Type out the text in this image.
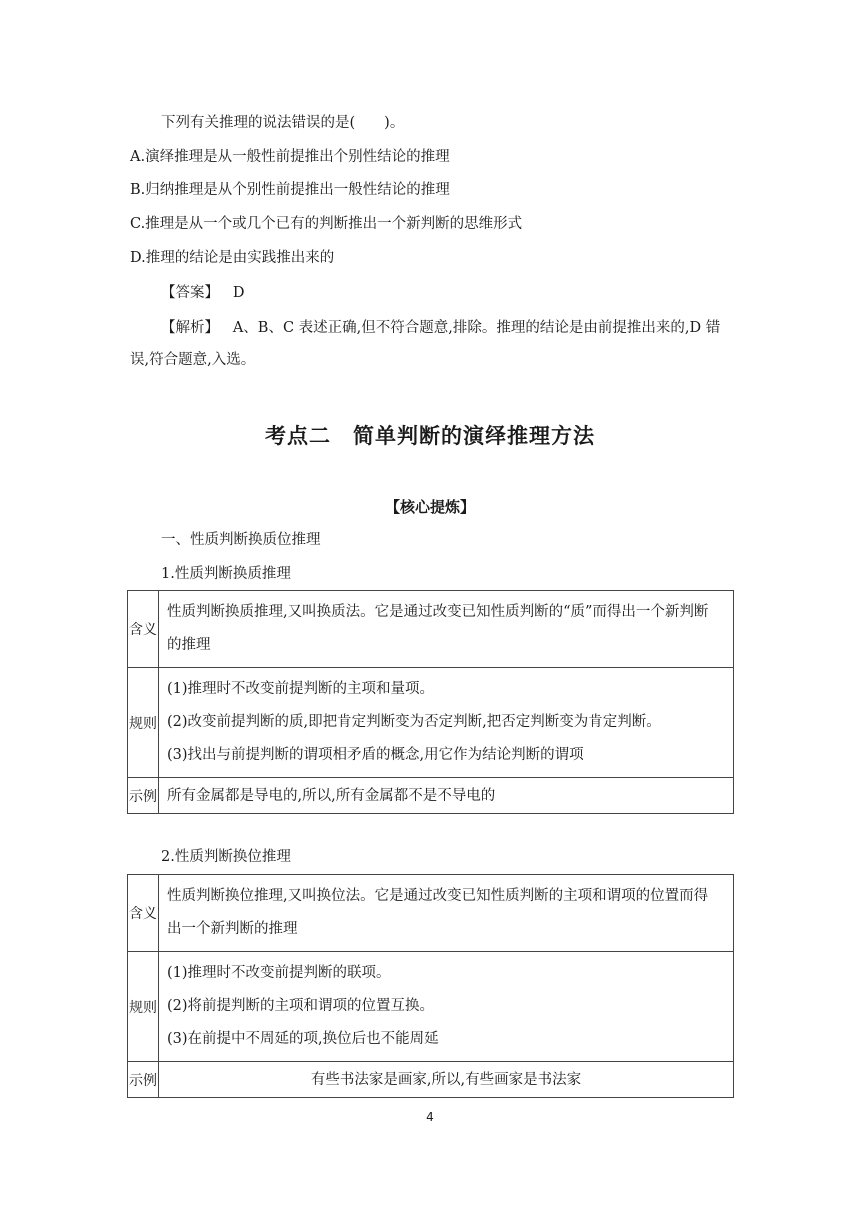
下列有关推理的说法错误的是(　　)。
A.演绎推理是从一般性前提推出个别性结论的推理
B.归纳推理是从个别性前提推出一般性结论的推理
C.推理是从一个或几个已有的判断推出一个新判断的思维形式
D.推理的结论是由实践推出来的
【答案】 D
【解析】 A、B、C 表述正确,但不符合题意,排除。推理的结论是由前提推出来的,D 错
误,符合题意,入选。
考点二 简单判断的演绎推理方法
【核心提炼】
一、性质判断换质位推理
1.性质判断换质推理
含义	性质判断换质推理,又叫换质法。它是通过改变已知性质判断的“质”而得出一个新判断
的推理

规则	(1)推理时不改变前提判断的主项和量项。
(2)改变前提判断的质,即把肯定判断变为否定判断,把否定判断变为肯定判断。
(3)找出与前提判断的谓项相矛盾的概念,用它作为结论判断的谓项

示例	所有金属都是导电的,所以,所有金属都不是不导电的
2.性质判断换位推理
含义	性质判断换位推理,又叫换位法。它是通过改变已知性质判断的主项和谓项的位置而得
出一个新判断的推理

规则	(1)推理时不改变前提判断的联项。
(2)将前提判断的主项和谓项的位置互换。
(3)在前提中不周延的项,换位后也不能周延

示例	有些书法家是画家,所以,有些画家是书法家
4
